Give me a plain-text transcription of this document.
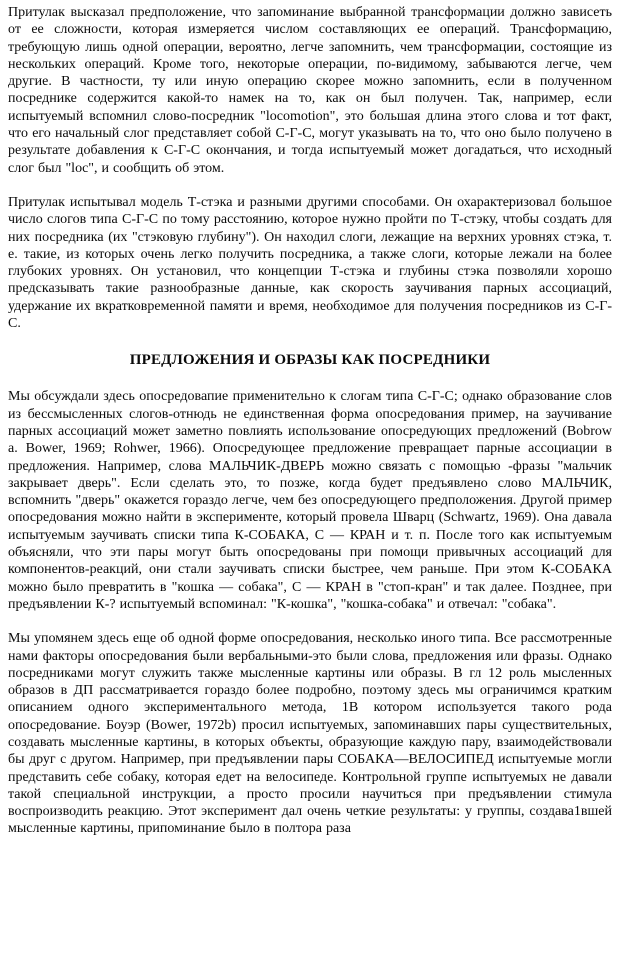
Притулак высказал предположение, что запоминание выбранной трансформации должно зависеть от ее сложности, которая измеряется числом составляющих ее операций. Трансформацию, требующую лишь одной операции, вероятно, легче запомнить, чем трансформации, состоящие из нескольких операций. Кроме того, некоторые операции, по-видимому, забываются легче, чем другие. В частности, ту или иную операцию скорее можно запомнить, если в полученном посреднике содержится какой-то намек на то, как он был получен. Так, например, если испытуемый вспомнил слово-посредник "locomotion", это большая длина этого слова и тот факт, что его начальный слог представляет собой С-Г-С, могут указывать на то, что оно было получено в результате добавления к С-Г-С окончания, и тогда испытуемый может догадаться, что исходный слог был "loc", и сообщить об этом.

Притулак испытывал модель Т-стэка и разными другими способами. Он охарактеризовал большое число слогов типа С-Г-С по тому расстоянию, которое нужно пройти по Т-стэку, чтобы создать для них посредника (их "стэковую глубину"). Он находил слоги, лежащие на верхних уровнях стэка, т. е. такие, из которых очень легко получить посредника, а также слоги, которые лежали на более глубоких уровнях. Он установил, что концепции Т-стэка и глубины стэка позволяли хорошо предсказывать такие разнообразные данные, как скорость заучивания парных ассоциаций, удержание их вкратковременной памяти и время, необходимое для получения посредников из С-Г-С.

ПРЕДЛОЖЕНИЯ И ОБРАЗЫ КАК ПОСРЕДНИКИ

Мы обсуждали здесь опосредовапие применительно к слогам типа С-Г-С; однако образование слов из бессмысленных слогов-отнюдь не единственная форма опосредования пример, на заучивание парных ассоциаций может заметно повлиять использование опосредующих предложений (Bobrow a. Bower, 1969; Rohwer, 1966). Опосредующее предложение превращает парные ассоциации в предложения. Например, слова МАЛЬЧИК-ДВЕРЬ можно связать с помощью -фразы "мальчик закрывает дверь". Если сделать это, то позже, когда будет предъявлено слово МАЛЬЧИК, вспомнить "дверь" окажется гораздо легче, чем без опосредующего предположения. Другой пример опосредования можно найти в эксперименте, который провела Шварц (Schwartz, 1969). Она давала испытуемым заучивать списки типа К-СОБАКА, С — КРАН и т. п. После того как испытуемым объясняли, что эти пары могут быть опосредованы при помощи привычных ассоциаций для компонентов-реакций, они стали заучивать списки быстрее, чем раньше. При этом К-СОБАКА можно было превратить в "кошка — собака", С — КРАН в "стоп-кран" и так далее. Позднее, при предъявлении К-? испытуемый вспоминал: "К-кошка", "кошка-собака" и отвечал: "собака".

Мы упомянем здесь еще об одной форме опосредования, несколько иного типа. Все рассмотренные нами факторы опосредования были вербальными-это были слова, предложения или фразы. Однако посредниками могут служить также мысленные картины или образы. В гл 12 роль мысленных образов в ДП рассматривается гораздо более подробно, поэтому здесь мы ограничимся кратким описанием одного экспериментального метода, 1В котором используется такого рода опосредование. Боуэр (Bower, 1972b) просил испытуемых, запоминавших пары существительных, создавать мысленные картины, в которых объекты, образующие каждую пару, взаимодействовали бы друг с другом. Например, при предъявлении пары СОБАКА—ВЕЛОСИПЕД испытуемые могли представить себе собаку, которая едет на велосипеде. Контрольной группе испытуемых не давали такой специальной инструкции, а просто просили научиться при предъявлении стимула воспроизводить реакцию. Этот эксперимент дал очень четкие результаты: у группы, создава1вшей мысленные картины, припоминание было в полтора раза
